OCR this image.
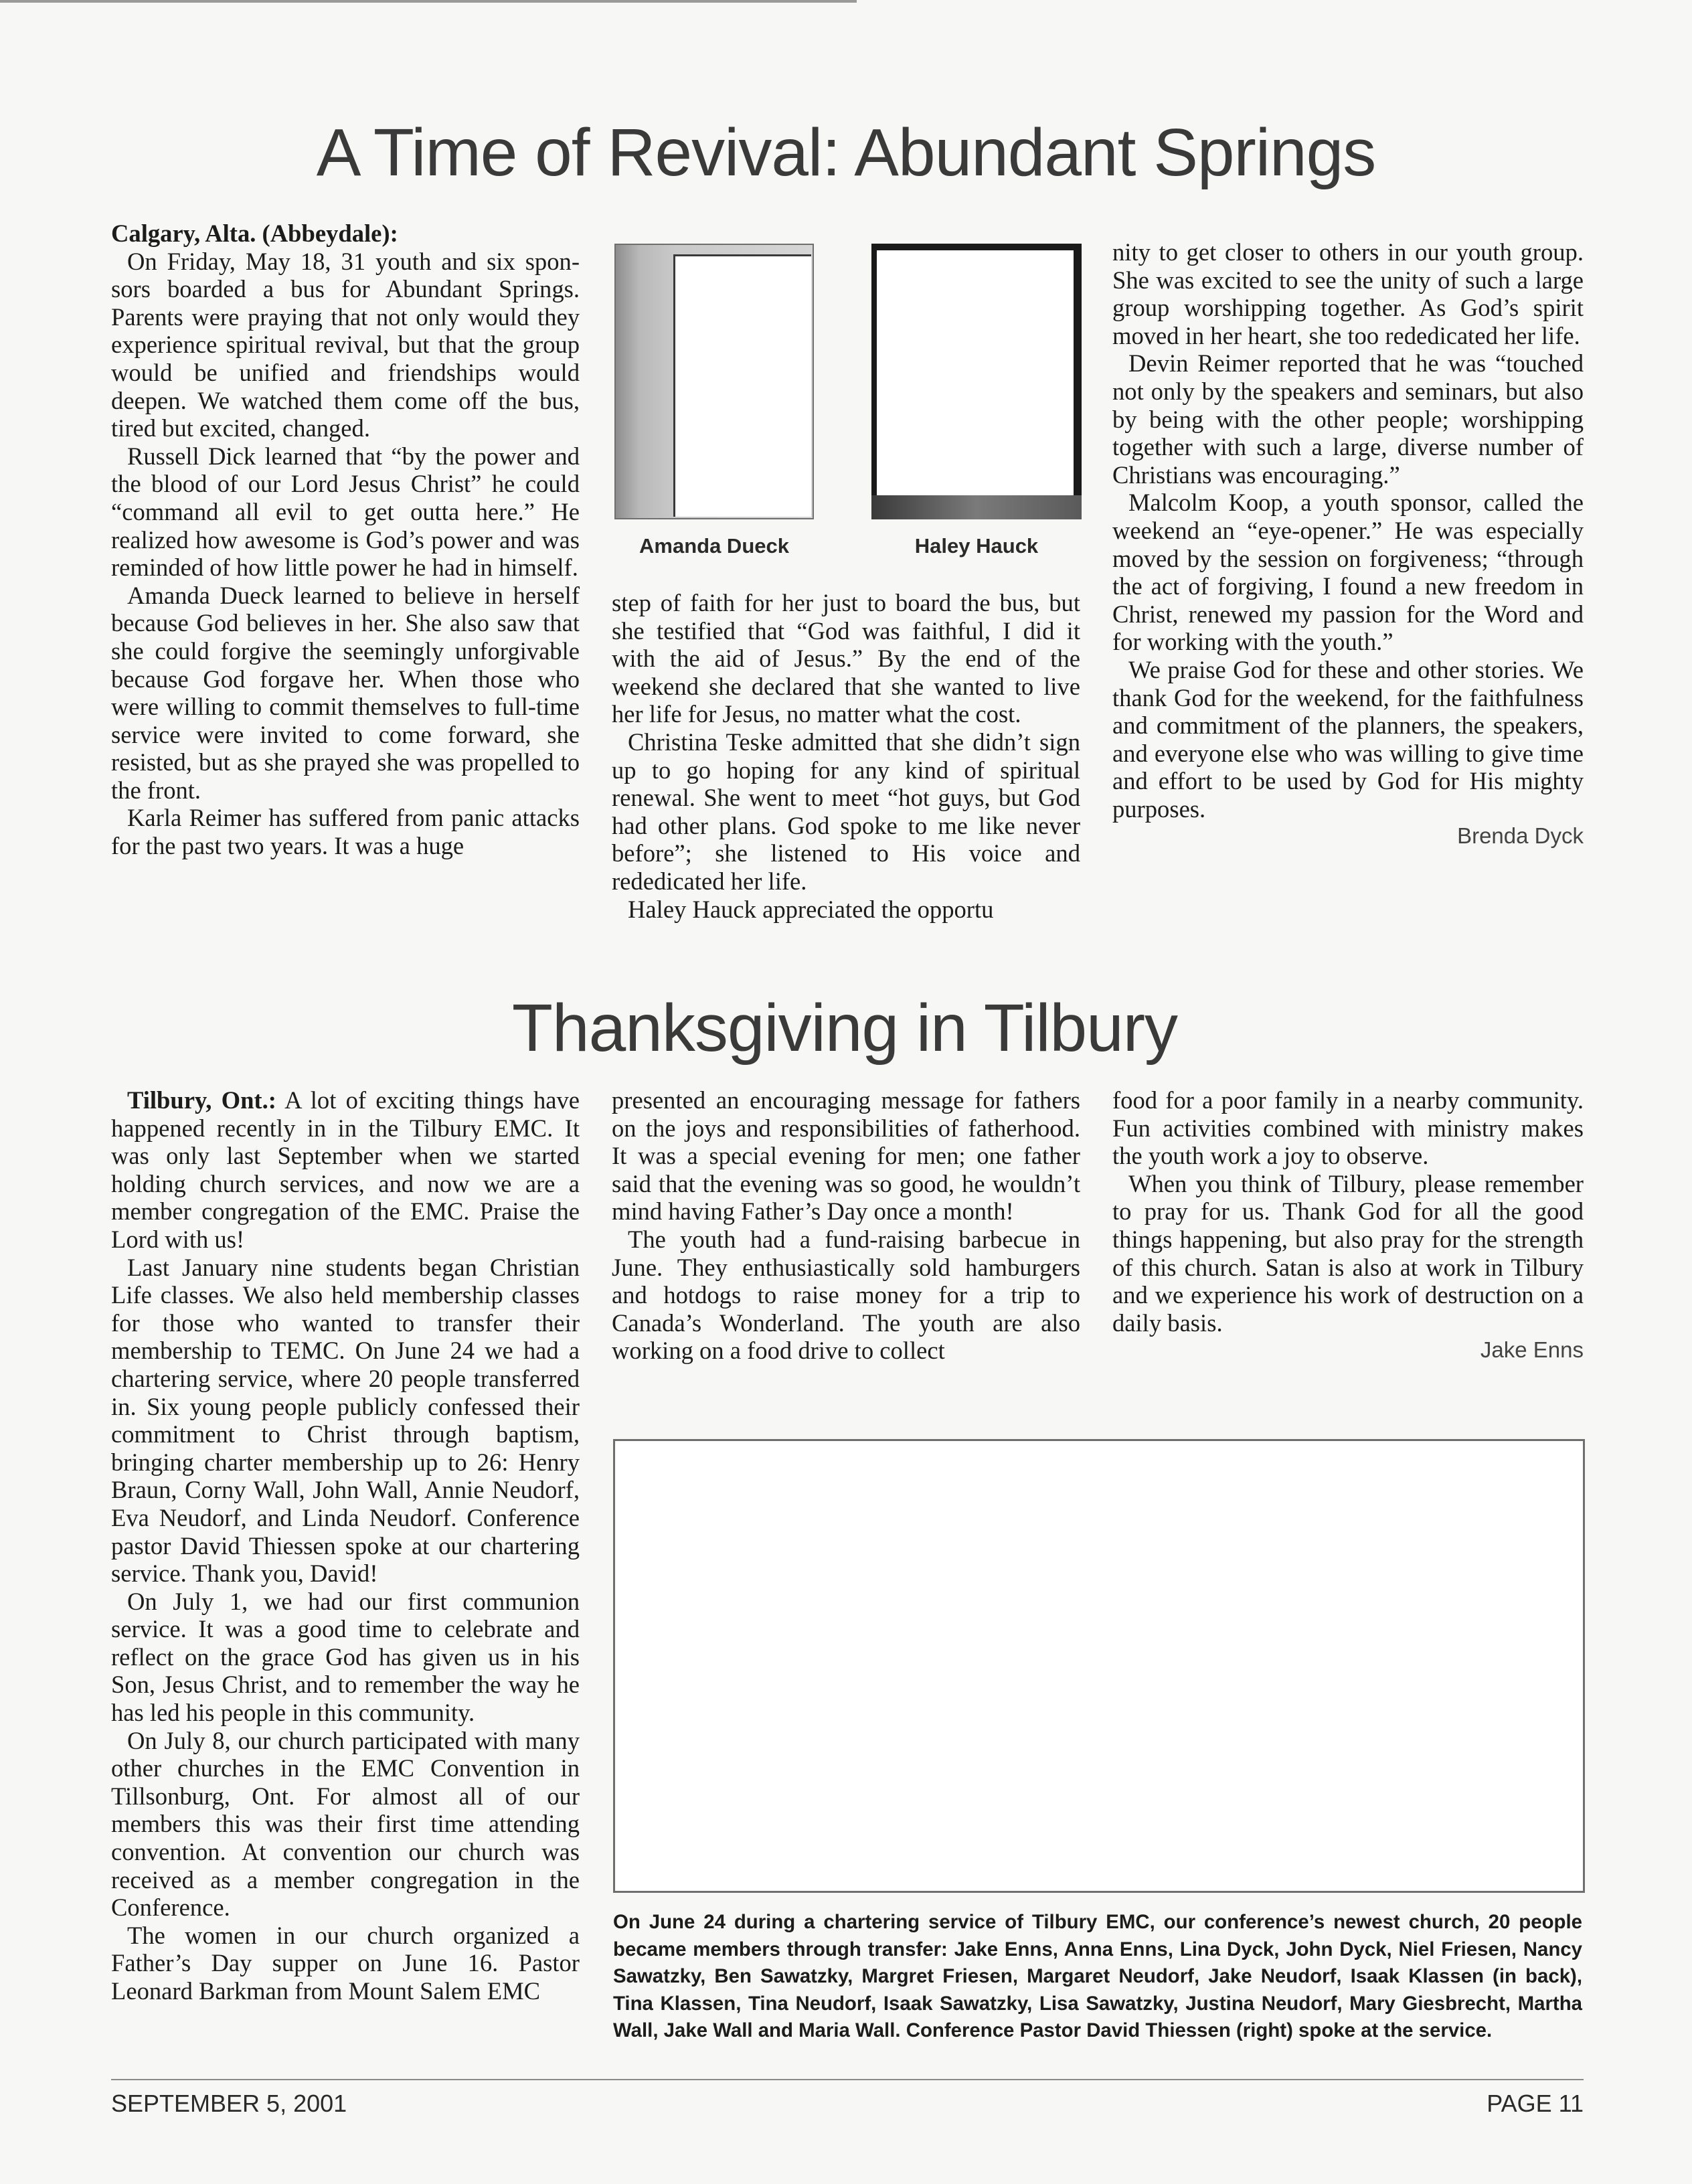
A Time of Revival: Abundant Springs

Calgary, Alta. (Abbeydale):

On Friday, May 18, 31 youth and six sponsors boarded a bus for Abundant Springs. Parents were praying that not only would they experience spiritual revival, but that the group would be unified and friendships would deepen. We watched them come off the bus, tired but excited, changed.

Russell Dick learned that “by the power and the blood of our Lord Jesus Christ” he could “command all evil to get outta here.” He realized how awesome is God’s power and was reminded of how little power he had in himself.

Amanda Dueck learned to believe in herself because God believes in her. She also saw that she could forgive the seemingly unforgivable because God forgave her. When those who were willing to commit themselves to full-time service were invited to come forward, she resisted, but as she prayed she was propelled to the front.

Karla Reimer has suffered from panic attacks for the past two years. It was a huge

Amanda Dueck	Haley Hauck

step of faith for her just to board the bus, but she testified that “God was faithful, I did it with the aid of Jesus.” By the end of the weekend she declared that she wanted to live her life for Jesus, no matter what the cost.

Christina Teske admitted that she didn’t sign up to go hoping for any kind of spiritual renewal. She went to meet “hot guys, but God had other plans. God spoke to me like never before”; she listened to His voice and rededicated her life.

Haley Hauck appreciated the opportu

nity to get closer to others in our youth group. She was excited to see the unity of such a large group worshipping together. As God’s spirit moved in her heart, she too rededicated her life.

Devin Reimer reported that he was “touched not only by the speakers and seminars, but also by being with the other people; worshipping together with such a large, diverse number of Christians was encouraging.”

Malcolm Koop, a youth sponsor, called the weekend an “eye-opener.” He was especially moved by the session on forgiveness; “through the act of forgiving, I found a new freedom in Christ, renewed my passion for the Word and for working with the youth.”

We praise God for these and other stories. We thank God for the weekend, for the faithfulness and commitment of the planners, the speakers, and everyone else who was willing to give time and effort to be used by God for His mighty purposes.

Brenda Dyck

Thanksgiving in Tilbury

Tilbury, Ont.: A lot of exciting things have happened recently in in the Tilbury EMC. It was only last September when we started holding church services, and now we are a member congregation of the EMC. Praise the Lord with us!

Last January nine students began Christian Life classes. We also held membership classes for those who wanted to transfer their membership to TEMC. On June 24 we had a chartering service, where 20 people transferred in. Six young people publicly confessed their commitment to Christ through baptism, bringing charter membership up to 26: Henry Braun, Corny Wall, John Wall, Annie Neudorf, Eva Neudorf, and Linda Neudorf. Conference pastor David Thiessen spoke at our chartering service. Thank you, David!

On July 1, we had our first communion service. It was a good time to celebrate and reflect on the grace God has given us in his Son, Jesus Christ, and to remember the way he has led his people in this community.

On July 8, our church participated with many other churches in the EMC Convention in Tillsonburg, Ont. For almost all of our members this was their first time attending convention. At convention our church was received as a member congregation in the Conference.

The women in our church organized a Father’s Day supper on June 16. Pastor Leonard Barkman from Mount Salem EMC

presented an encouraging message for fathers on the joys and responsibilities of fatherhood. It was a special evening for men; one father said that the evening was so good, he wouldn’t mind having Father’s Day once a month!

The youth had a fund-raising barbecue in June. They enthusiastically sold hamburgers and hotdogs to raise money for a trip to Canada’s Wonderland. The youth are also working on a food drive to collect

food for a poor family in a nearby community. Fun activities combined with ministry makes the youth work a joy to observe.

When you think of Tilbury, please remember to pray for us. Thank God for all the good things happening, but also pray for the strength of this church. Satan is also at work in Tilbury and we experience his work of destruction on a daily basis.

Jake Enns

On June 24 during a chartering service of Tilbury EMC, our conference’s newest church, 20 people became members through transfer: Jake Enns, Anna Enns, Lina Dyck, John Dyck, Niel Friesen, Nancy Sawatzky, Ben Sawatzky, Margret Friesen, Margaret Neudorf, Jake Neudorf, Isaak Klassen (in back), Tina Klassen, Tina Neudorf, Isaak Sawatzky, Lisa Sawatzky, Justina Neudorf, Mary Giesbrecht, Martha Wall, Jake Wall and Maria Wall. Conference Pastor David Thiessen (right) spoke at the service.

SEPTEMBER 5, 2001	PAGE 11
